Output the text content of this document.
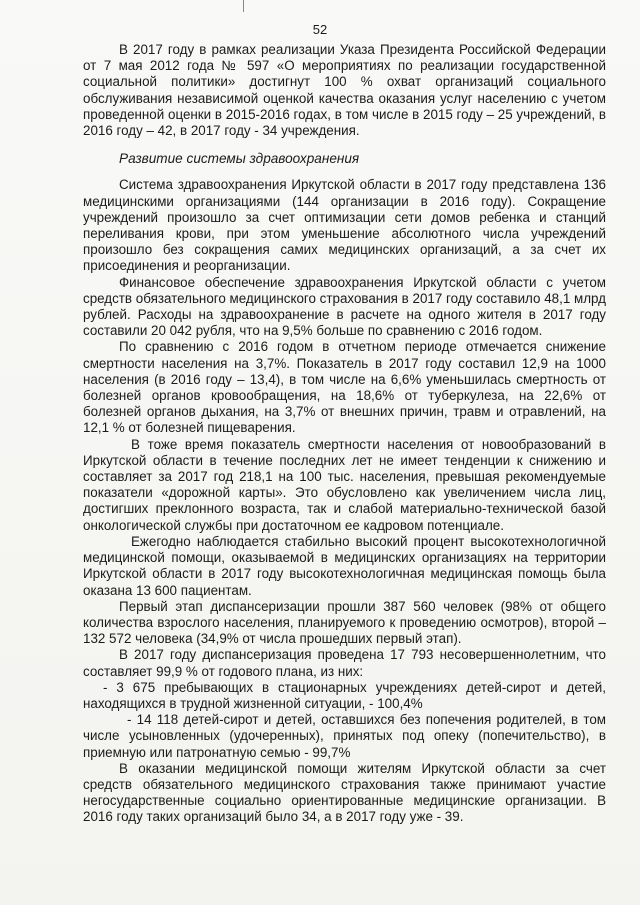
52

В 2017 году в рамках реализации Указа Президента Российской Федерации от 7 мая 2012 года № 597 «О мероприятиях по реализации государственной социальной политики» достигнут 100 % охват организаций социального обслуживания независимой оценкой качества оказания услуг населению с учетом проведенной оценки в 2015-2016 годах, в том числе в 2015 году – 25 учреждений, в 2016 году – 42, в 2017 году - 34 учреждения.

Развитие системы здравоохранения

Система здравоохранения Иркутской области в 2017 году представлена 136 медицинскими организациями (144 организации в 2016 году). Сокращение учреждений произошло за счет оптимизации сети домов ребенка и станций переливания крови, при этом уменьшение абсолютного числа учреждений произошло без сокращения самих медицинских организаций, а за счет их присоединения и реорганизации.

Финансовое обеспечение здравоохранения Иркутской области с учетом средств обязательного медицинского страхования в 2017 году составило 48,1 млрд рублей. Расходы на здравоохранение в расчете на одного жителя в 2017 году составили 20 042 рубля, что на 9,5% больше по сравнению с 2016 годом.

По сравнению с 2016 годом в отчетном периоде отмечается снижение смертности населения на 3,7%. Показатель в 2017 году составил 12,9 на 1000 населения (в 2016 году – 13,4), в том числе на 6,6% уменьшилась смертность от болезней органов кровообращения, на 18,6% от туберкулеза, на 22,6% от болезней органов дыхания, на 3,7% от внешних причин, травм и отравлений, на 12,1 % от болезней пищеварения.

В тоже время показатель смертности населения от новообразований в Иркутской области в течение последних лет не имеет тенденции к снижению и составляет за 2017 год 218,1 на 100 тыс. населения, превышая рекомендуемые показатели «дорожной карты». Это обусловлено как увеличением числа лиц, достигших преклонного возраста, так и слабой материально-технической базой онкологической службы при достаточном ее кадровом потенциале.

Ежегодно наблюдается стабильно высокий процент высокотехнологичной медицинской помощи, оказываемой в медицинских организациях на территории Иркутской области в 2017 году высокотехнологичная медицинская помощь была оказана 13 600 пациентам.

Первый этап диспансеризации прошли 387 560 человек (98% от общего количества взрослого населения, планируемого к проведению осмотров), второй – 132 572 человека (34,9% от числа прошедших первый этап).

В 2017 году диспансеризация проведена 17 793 несовершеннолетним, что составляет 99,9 % от годового плана, из них:

- 3 675 пребывающих в стационарных учреждениях детей-сирот и детей, находящихся в трудной жизненной ситуации, - 100,4%

- 14 118 детей-сирот и детей, оставшихся без попечения родителей, в том числе усыновленных (удочеренных), принятых под опеку (попечительство), в приемную или патронатную семью - 99,7%

В оказании медицинской помощи жителям Иркутской области за счет средств обязательного медицинского страхования также принимают участие негосударственные социально ориентированные медицинские организации. В 2016 году таких организаций было 34, а в 2017 году уже - 39.
